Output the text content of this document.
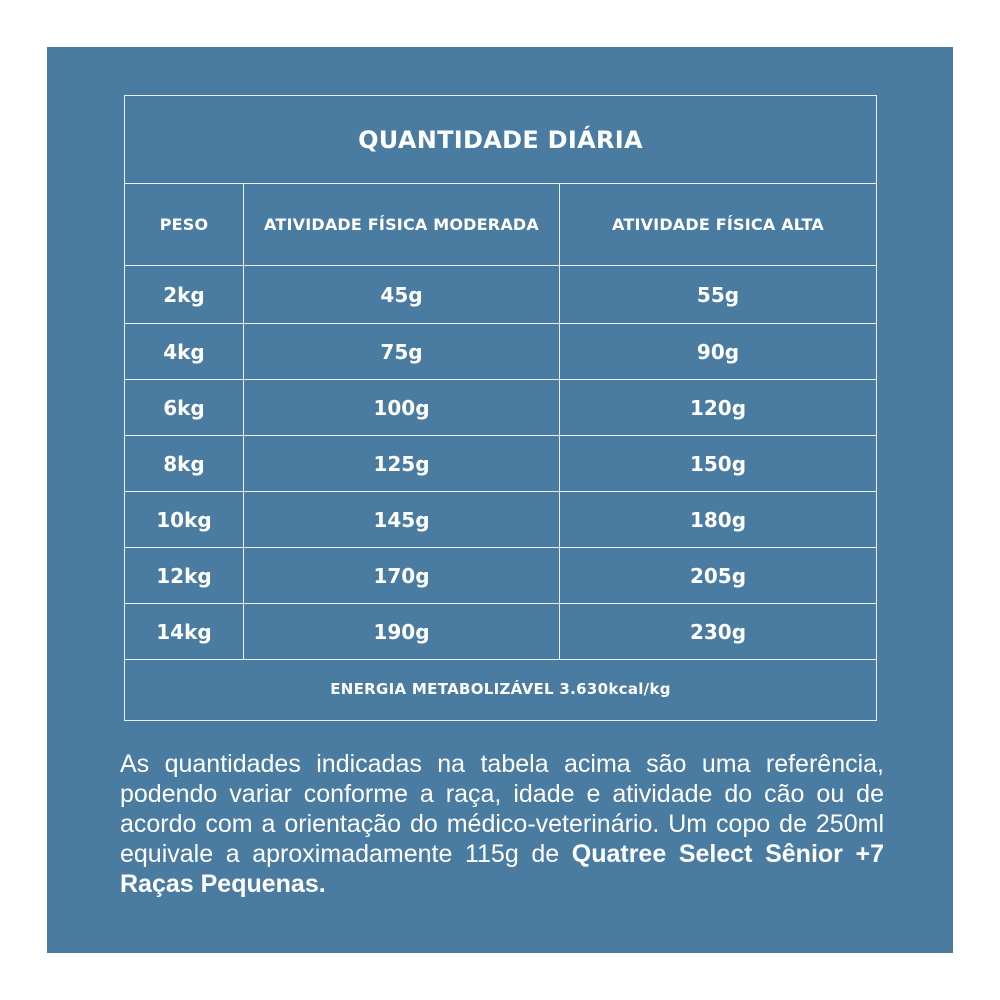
QUANTIDADE DIÁRIA
PESO	ATIVIDADE FÍSICA MODERADA	ATIVIDADE FÍSICA ALTA
2kg	45g	55g
4kg	75g	90g
6kg	100g	120g
8kg	125g	150g
10kg	145g	180g
12kg	170g	205g
14kg	190g	230g
ENERGIA METABOLIZÁVEL 3.630kcal/kg
As quantidades indicadas na tabela acima são uma referência, podendo variar conforme a raça, idade e atividade do cão ou de acordo com a orientação do médico-veterinário. Um copo de 250ml equivale a aproximadamente 115g de Quatree Select Sênior +7 Raças Pequenas.
